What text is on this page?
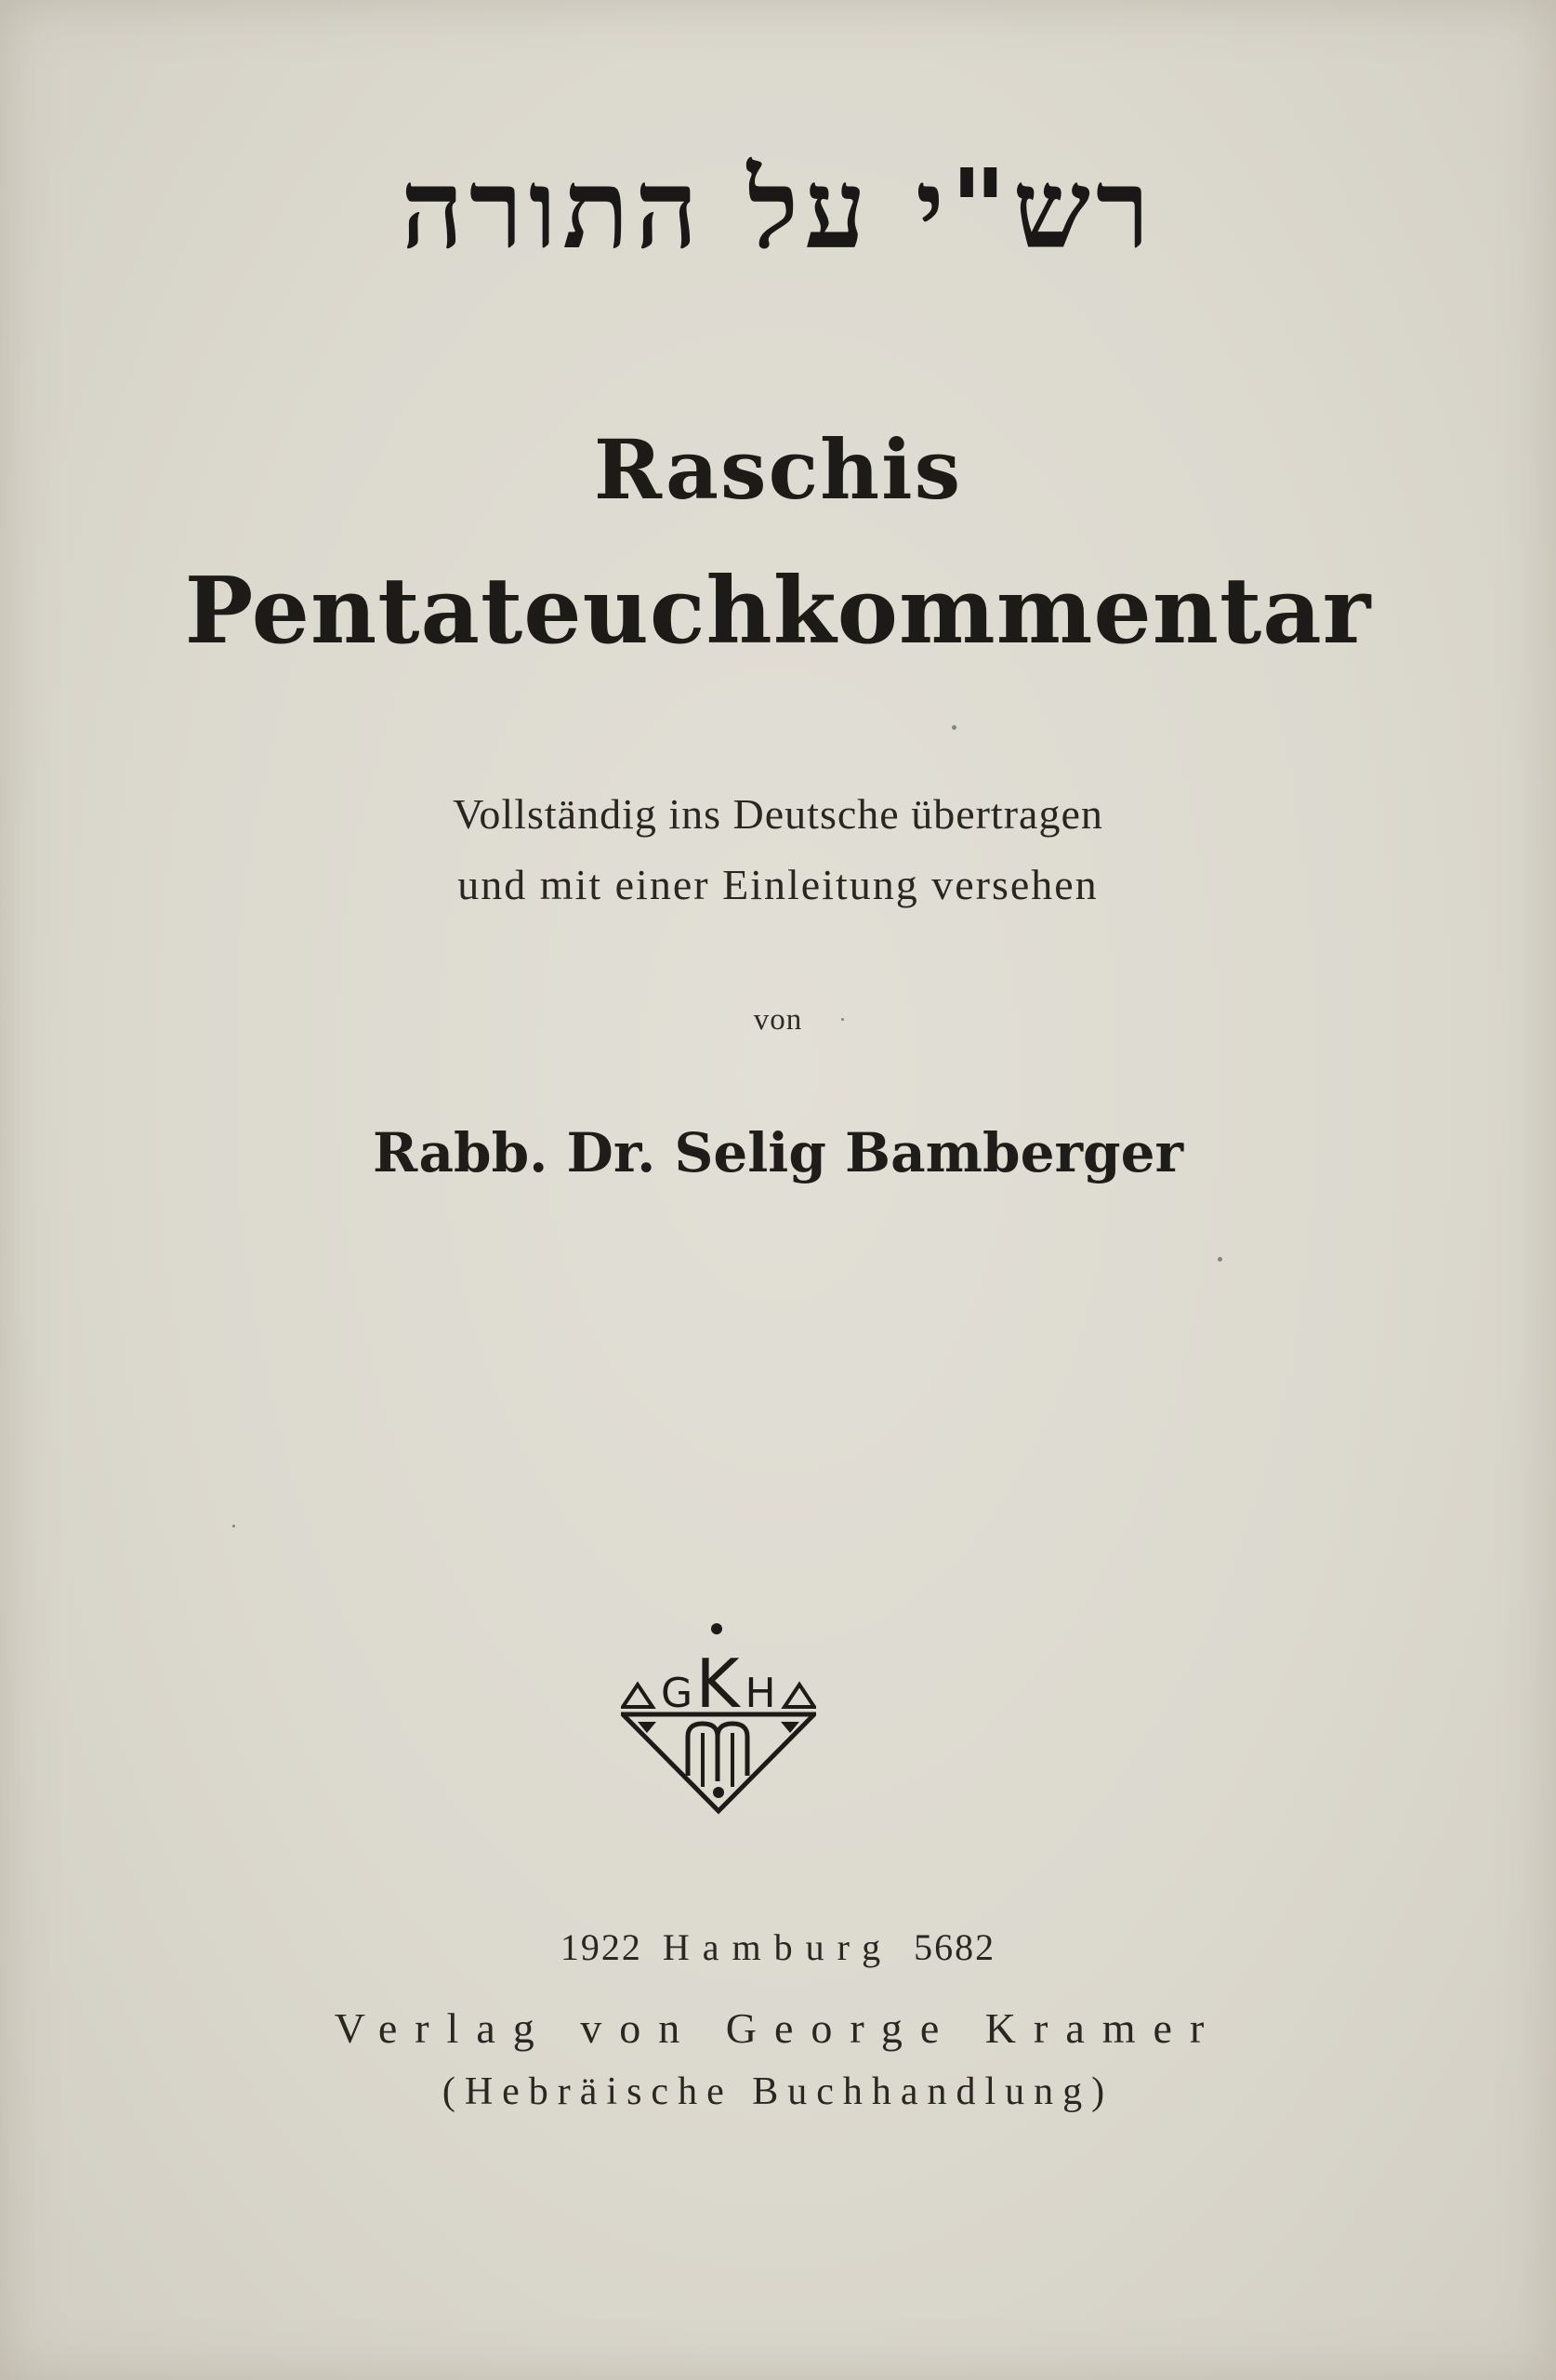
רש"י על התורה
Raschis
Pentateuchkommentar
Vollständig ins Deutsche übertragen
und mit einer Einleitung versehen
von
Rabb. Dr. Selig Bamberger
G K H
1922 Hamburg 5682
Verlag von George Kramer
(Hebräische Buchhandlung)
